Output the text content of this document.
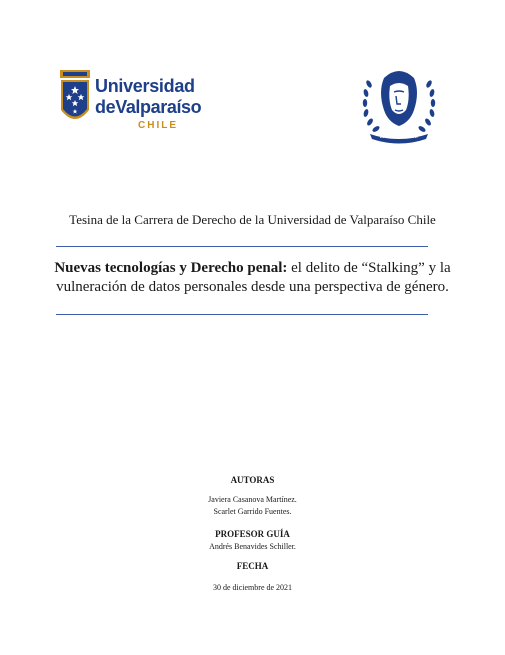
Universidad
deValparaíso
CHILE
Tesina de la Carrera de Derecho de la Universidad de Valparaíso Chile
Nuevas tecnologías y Derecho penal: el delito de “Stalking” y la
vulneración de datos personales desde una perspectiva de género.
AUTORAS
Javiera Casanova Martínez.
Scarlet Garrido Fuentes.
PROFESOR GUÍA
Andrés Benavides Schiller.
FECHA
30 de diciembre de 2021
